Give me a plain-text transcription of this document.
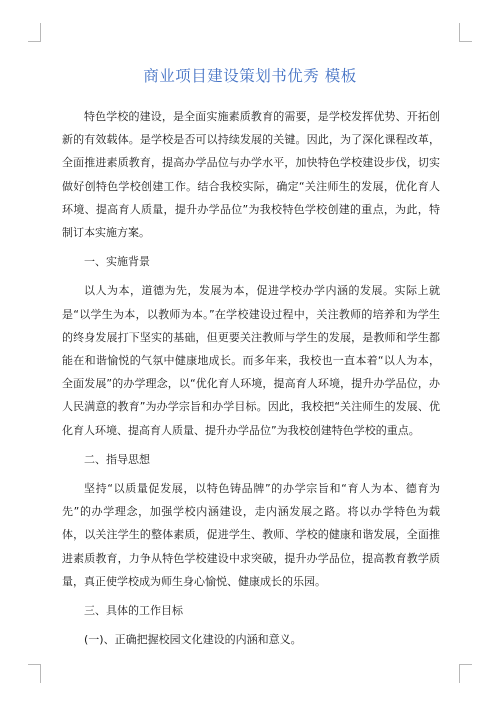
商业项目建设策划书优秀 模板

特色学校的建设，是全面实施素质教育的需要，是学校发挥优势、开拓创新的有效载体。是学校是否可以持续发展的关键。因此，为了深化课程改革，全面推进素质教育，提高办学品位与办学水平，加快特色学校建设步伐，切实做好创特色学校创建工作。结合我校实际，确定“关注师生的发展，优化育人环境、提高育人质量，提升办学品位”为我校特色学校创建的重点，为此，特制订本实施方案。

一、实施背景

以人为本，道德为先，发展为本，促进学校办学内涵的发展。实际上就是“以学生为本，以教师为本。”在学校建设过程中，关注教师的培养和为学生的终身发展打下坚实的基础，但更要关注教师与学生的发展，是教师和学生都能在和谐愉悦的气氛中健康地成长。而多年来，我校也一直本着“以人为本，全面发展”的办学理念，以“优化育人环境，提高育人环境，提升办学品位，办人民满意的教育”为办学宗旨和办学目标。因此，我校把“关注师生的发展、优化育人环境、提高育人质量、提升办学品位”为我校创建特色学校的重点。

二、指导思想

坚持“以质量促发展，以特色铸品牌”的办学宗旨和“育人为本、德育为先”的办学理念，加强学校内涵建设，走内涵发展之路。将以办学特色为载体，以关注学生的整体素质，促进学生、教师、学校的健康和谐发展，全面推进素质教育，力争从特色学校建设中求突破，提升办学品位，提高教育教学质量，真正使学校成为师生身心愉悦、健康成长的乐园。

三、具体的工作目标

(一)、正确把握校园文化建设的内涵和意义。
